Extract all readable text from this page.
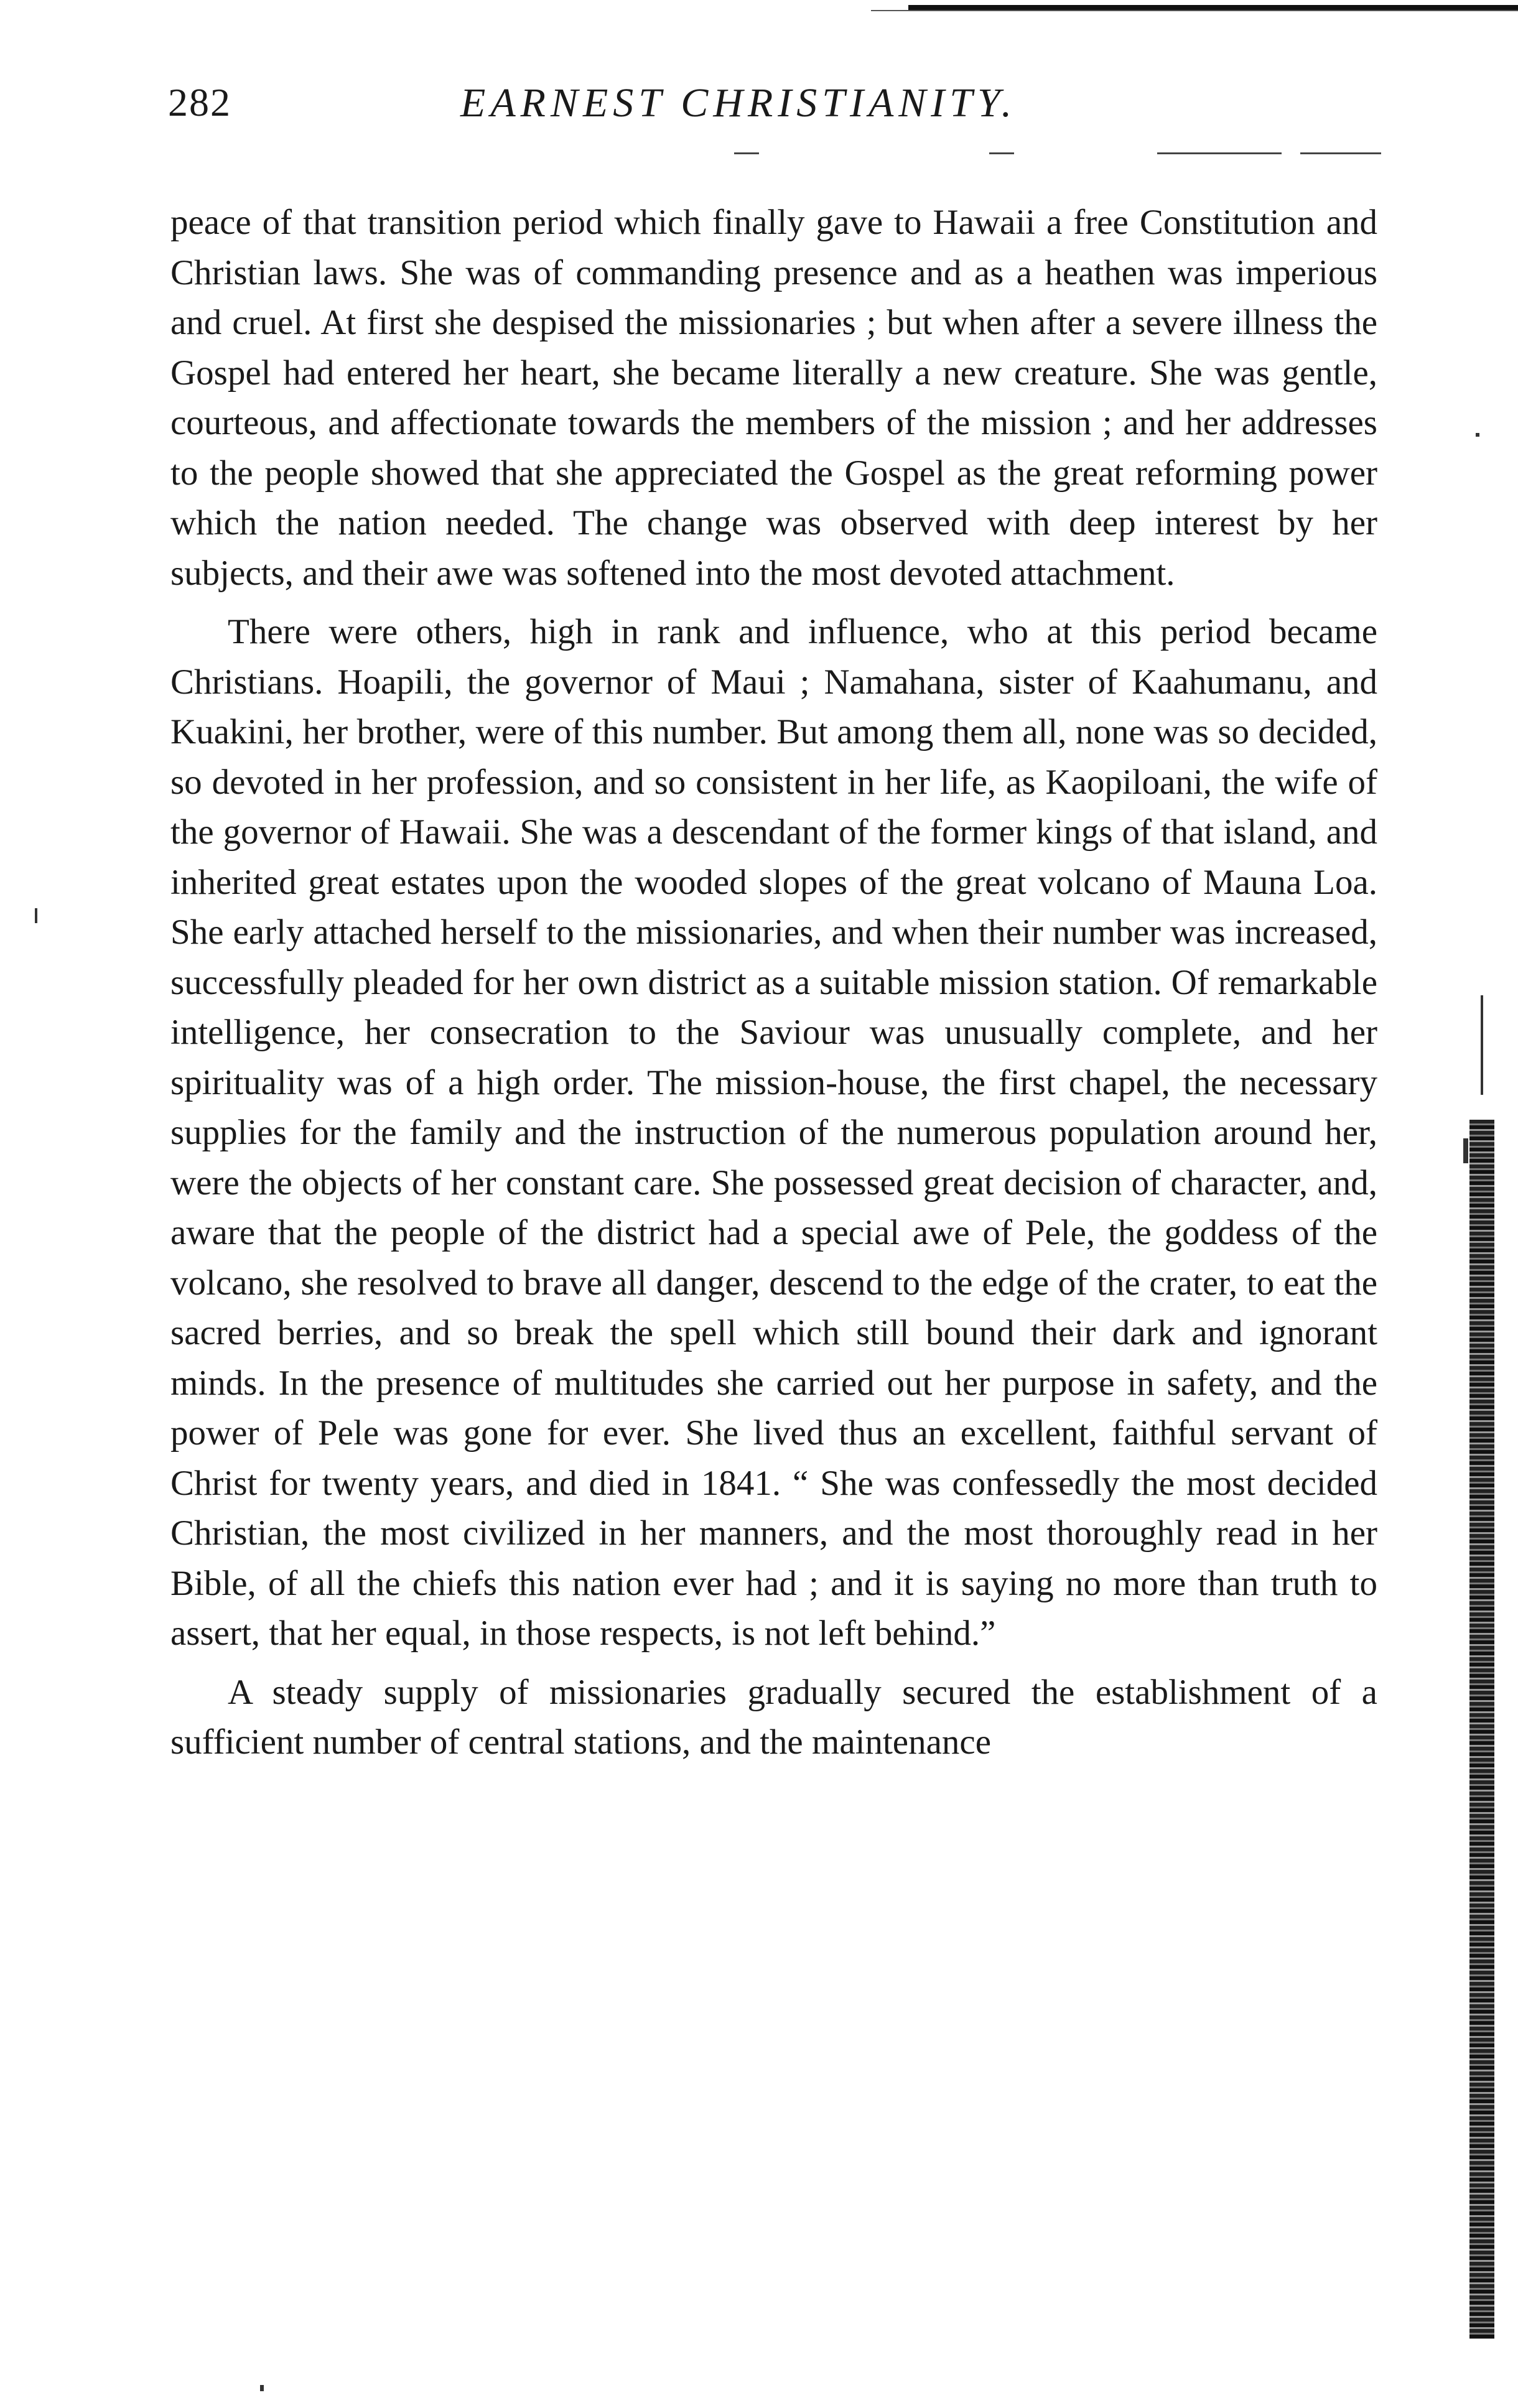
282	EARNEST CHRISTIANITY.

peace of that transition period which finally gave to Hawaii a free Constitution and Christian laws. She was of commanding presence and as a heathen was imperious and cruel. At first she despised the missionaries ; but when after a severe illness the Gospel had entered her heart, she became literally a new creature. She was gentle, courteous, and affectionate towards the members of the mission ; and her addresses to the people showed that she appreciated the Gospel as the great reforming power which the nation needed. The change was observed with deep interest by her subjects, and their awe was softened into the most devoted attachment.

There were others, high in rank and influence, who at this period became Christians. Hoapili, the governor of Maui ; Namahana, sister of Kaahumanu, and Kuakini, her brother, were of this number. But among them all, none was so decided, so devoted in her profession, and so consistent in her life, as Kaopiloani, the wife of the governor of Hawaii. She was a descendant of the former kings of that island, and inherited great estates upon the wooded slopes of the great volcano of Mauna Loa. She early attached herself to the missionaries, and when their number was increased, successfully pleaded for her own district as a suitable mission station. Of remarkable intelligence, her consecration to the Saviour was unusually complete, and her spirituality was of a high order. The mission-house, the first chapel, the necessary supplies for the family and the instruction of the numerous population around her, were the objects of her constant care. She possessed great decision of character, and, aware that the people of the district had a special awe of Pele, the goddess of the volcano, she resolved to brave all danger, descend to the edge of the crater, to eat the sacred berries, and so break the spell which still bound their dark and ignorant minds. In the presence of multitudes she carried out her purpose in safety, and the power of Pele was gone for ever. She lived thus an excellent, faithful servant of Christ for twenty years, and died in 1841. “ She was confessedly the most decided Christian, the most civilized in her manners, and the most thoroughly read in her Bible, of all the chiefs this nation ever had ; and it is saying no more than truth to assert, that her equal, in those respects, is not left behind.”

A steady supply of missionaries gradually secured the establishment of a sufficient number of central stations, and the maintenance
